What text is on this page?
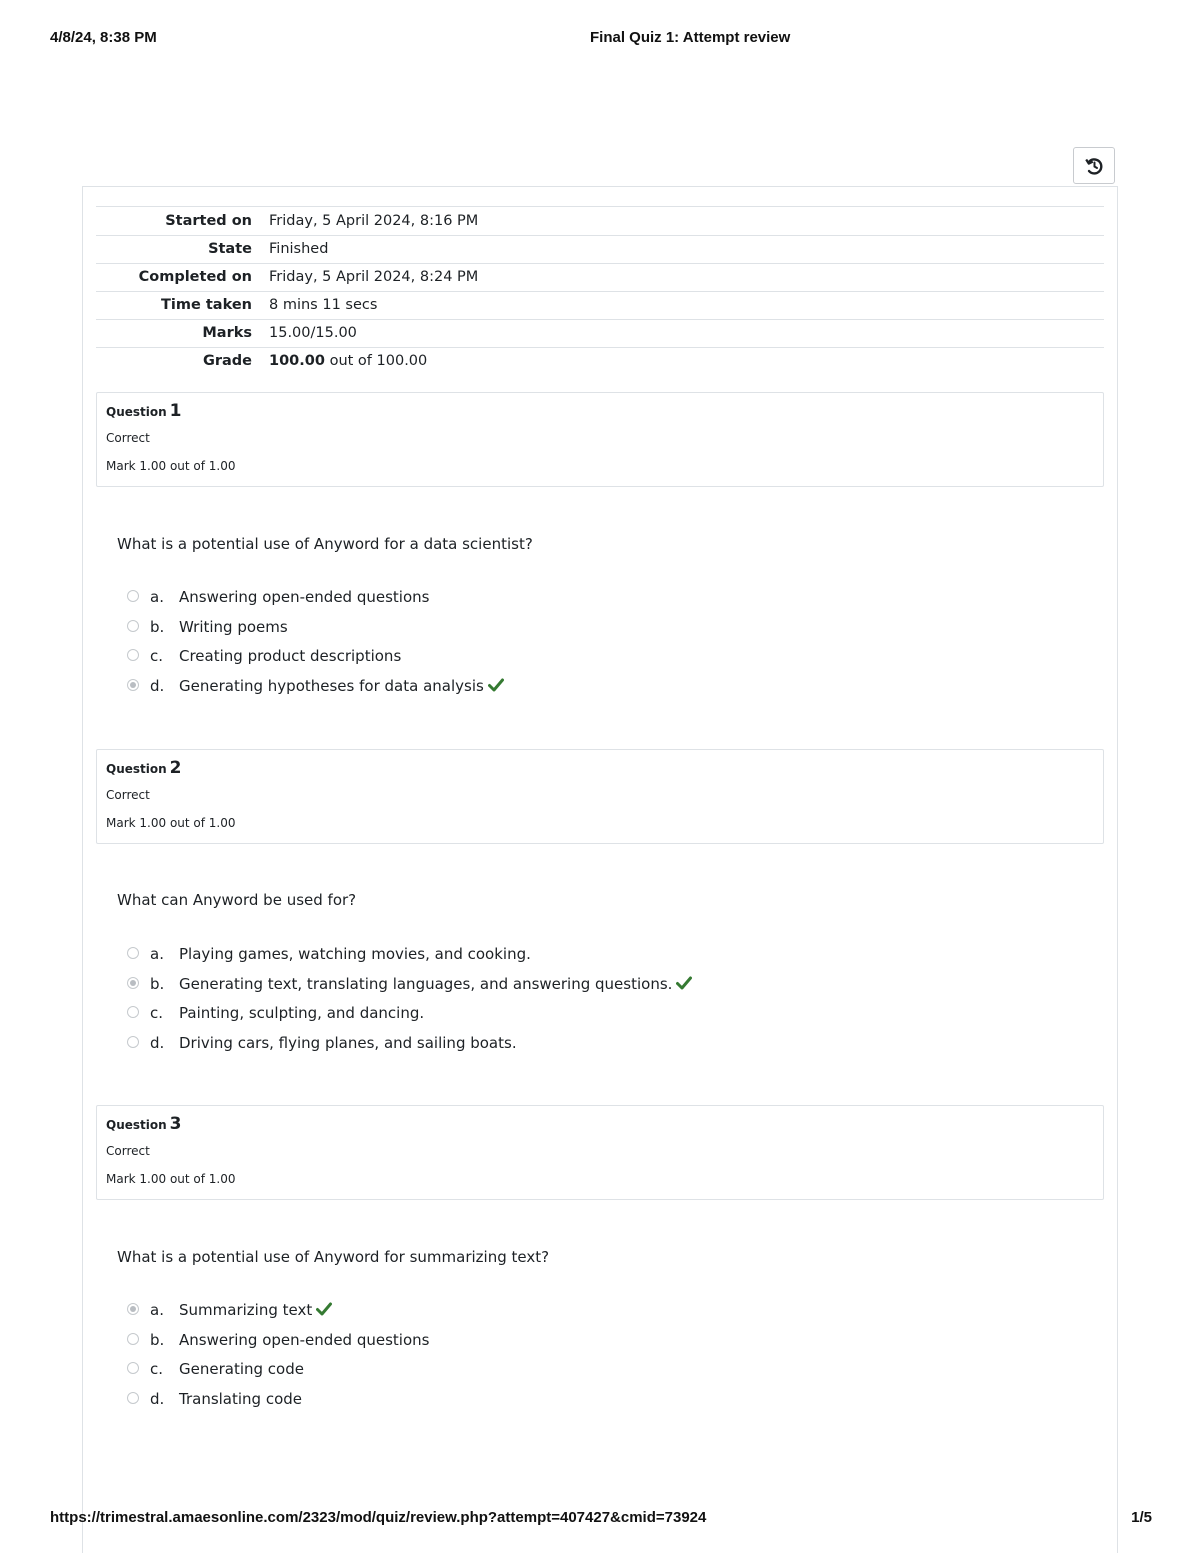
4/8/24, 8:38 PM	Final Quiz 1: Attempt review
Started on	Friday, 5 April 2024, 8:16 PM
State	Finished
Completed on	Friday, 5 April 2024, 8:24 PM
Time taken	8 mins 11 secs
Marks	15.00/15.00
Grade	100.00 out of 100.00
Question 1
Correct
Mark 1.00 out of 1.00
What is a potential use of Anyword for a data scientist?
a. Answering open-ended questions
b. Writing poems
c. Creating product descriptions
d. Generating hypotheses for data analysis
Question 2
Correct
Mark 1.00 out of 1.00
What can Anyword be used for?
a. Playing games, watching movies, and cooking.
b. Generating text, translating languages, and answering questions.
c. Painting, sculpting, and dancing.
d. Driving cars, flying planes, and sailing boats.
Question 3
Correct
Mark 1.00 out of 1.00
What is a potential use of Anyword for summarizing text?
a. Summarizing text
b. Answering open-ended questions
c. Generating code
d. Translating code
https://trimestral.amaesonline.com/2323/mod/quiz/review.php?attempt=407427&cmid=73924	1/5
